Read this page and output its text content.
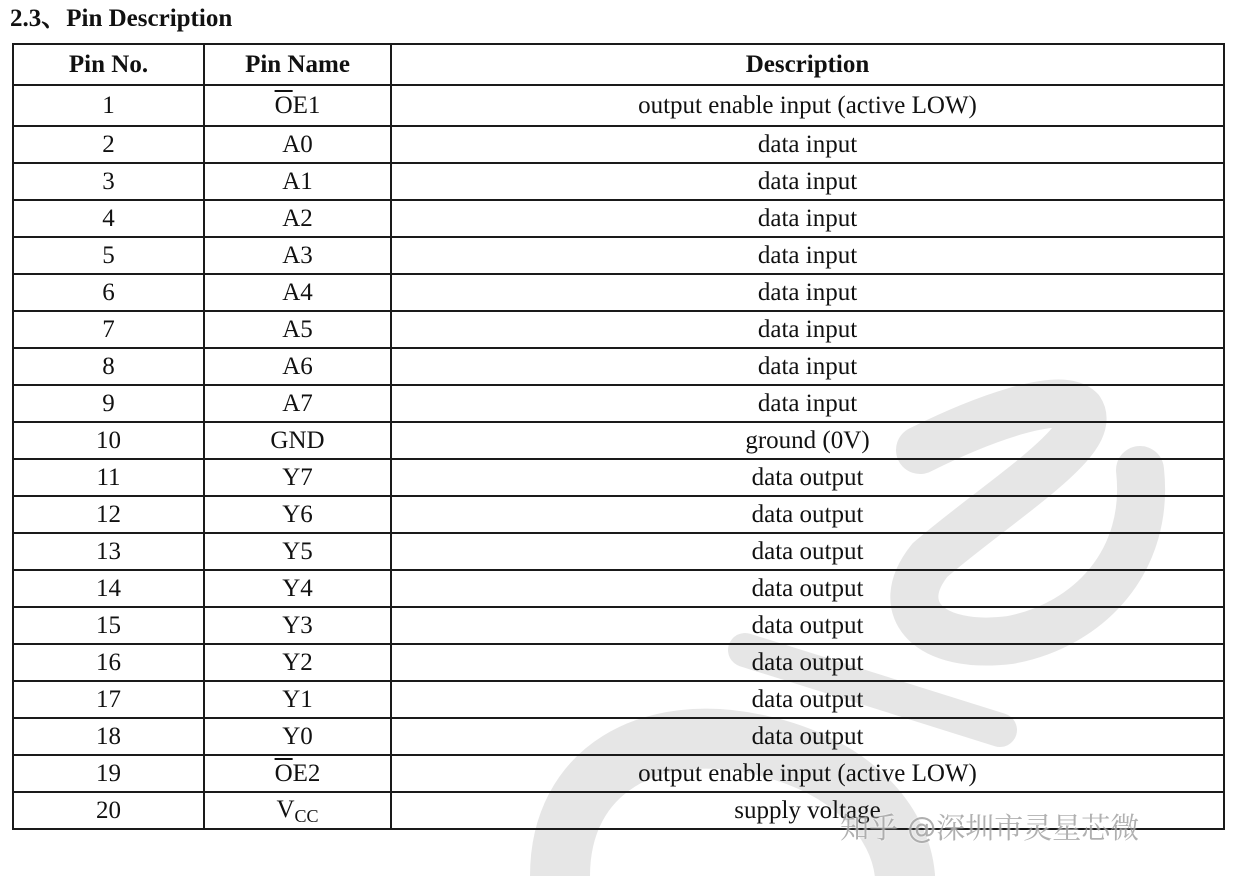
2.3、Pin Description
Pin No.	Pin Name	Description
1	$\overline{O}E1$	output enable input (active LOW)
2	A0	data input
3	A1	data input
4	A2	data input
5	A3	data input
6	A4	data input
7	A5	data input
8	A6	data input
9	A7	data input
10	GND	ground (0V)
11	Y7	data output
12	Y6	data output
13	Y5	data output
14	Y4	data output
15	Y3	data output
16	Y2	data output
17	Y1	data output
18	Y0	data output
19	$\overline{O}E2$	output enable input (active LOW)
20	$V_{CC}$	supply voltage
知乎 @深圳市灵星芯微
